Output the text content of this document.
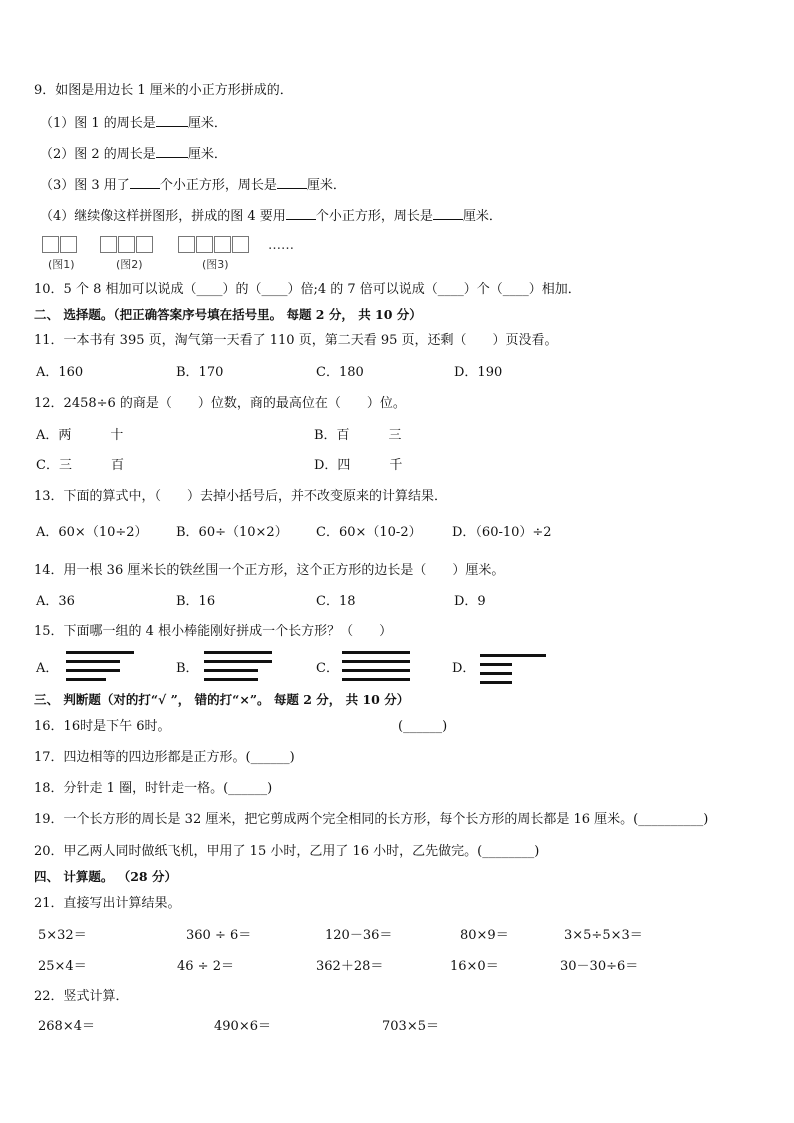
9．如图是用边长 1 厘米的小正方形拼成的．
（1）图 1 的周长是 厘米．
（2）图 2 的周长是 厘米．
（3）图 3 用了 个小正方形，周长是 厘米．
（4）继续像这样拼图形，拼成的图 4 要用 个小正方形，周长是 厘米．
(图1)	(图2)	(图3)
……
10．5 个 8 相加可以说成（____）的（____）倍;4 的 7 倍可以说成（____）个（____）相加．
二、 选择题。（把正确答案序号填在括号里。 每题 2 分， 共 10 分）
11．一本书有 395 页，淘气第一天看了 110 页，第二天看 95 页，还剩（　　）页没看。
A．160	B．170	C．180	D．190
12．2458÷6 的商是（　　）位数，商的最高位在（　　）位。
A．两　　　十	B．百　　　三
C．三　　　百	D．四　　　千
13．下面的算式中，（　　）去掉小括号后，并不改变原来的计算结果．
A．60×（10÷2） B．60÷（10×2） C．60×（10-2） D．（60-10）÷2
14．用一根 36 厘米长的铁丝围一个正方形，这个正方形的边长是（　　）厘米。
A．36	B．16	C．18	D．9
15．下面哪一组的 4 根小棒能刚好拼成一个长方形？（　　）
A．	B．	C．	D．
三、 判断题（对的打“√ ”， 错的打“×”。 每题 2 分， 共 10 分）
16．16时是下午 6时。	(______)
17．四边相等的四边形都是正方形。(______)
18．分针走 1 圈，时针走一格。(______)
19．一个长方形的周长是 32 厘米，把它剪成两个完全相同的长方形，每个长方形的周长都是 16 厘米。(__________)
20．甲乙两人同时做纸飞机，甲用了 15 小时，乙用了 16 小时，乙先做完。(________)
四、 计算题。 （28 分）
21．直接写出计算结果。
5×32＝	360 ÷ 6＝	120－36＝	80×9＝	3×5÷5×3＝
25×4＝	46 ÷ 2＝	362＋28＝	16×0＝	30－30÷6＝
22．竖式计算．
268×4＝	490×6＝	703×5＝
